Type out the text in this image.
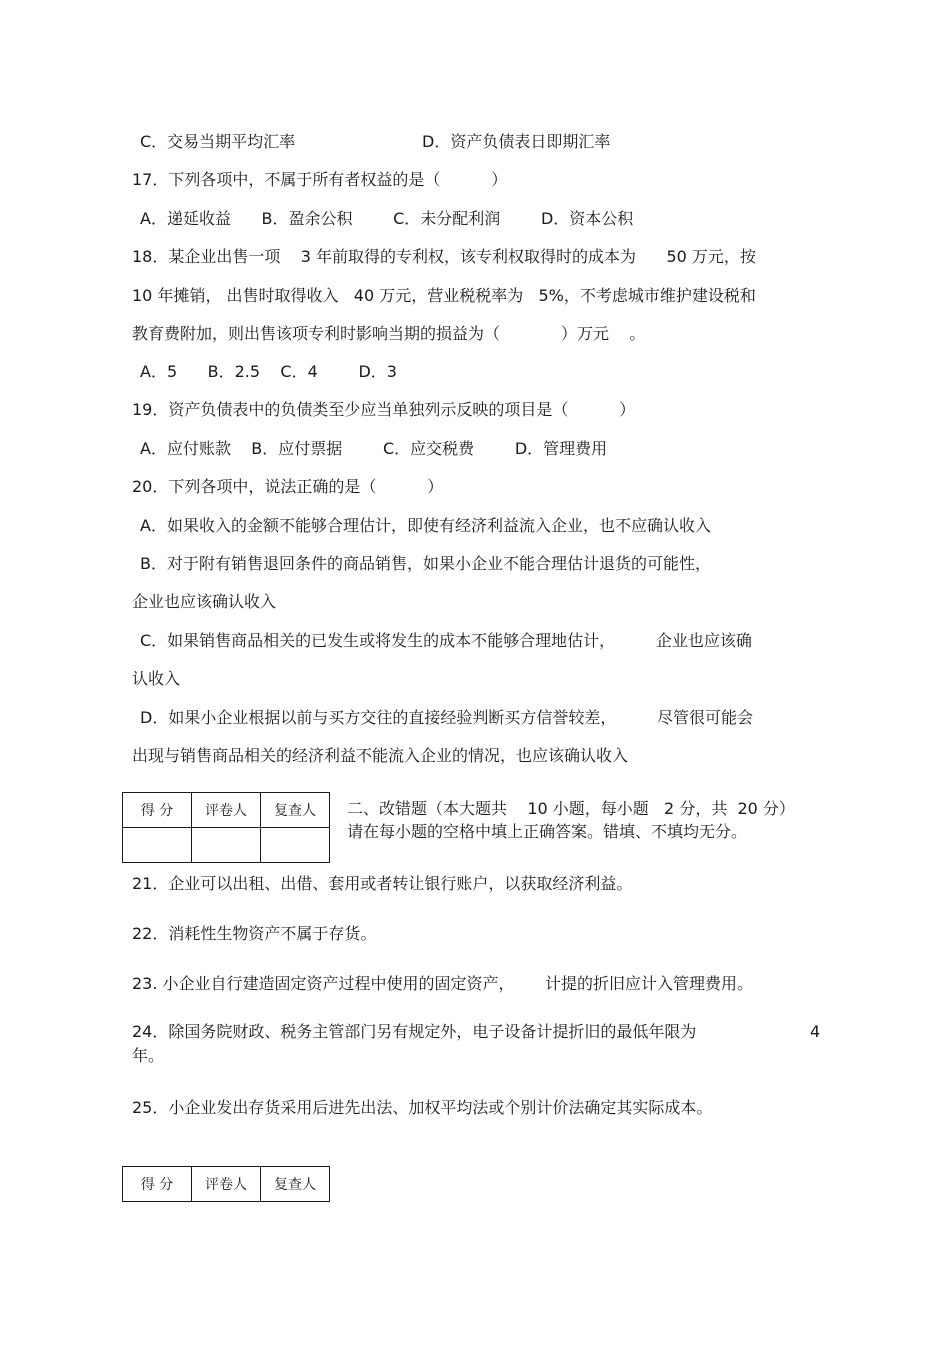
C．交易当期平均汇率	D．资产负债表日即期汇率
17．下列各项中，不属于所有者权益的是（          ）
A．递延收益      B．盈余公积        C．未分配利润        D．资本公积
18．某企业出售一项    3 年前取得的专利权，该专利权取得时的成本为      50 万元，按
10 年摊销， 出售时取得收入   40 万元，营业税税率为   5%，不考虑城市维护建设税和
教育费附加，则出售该项专利时影响当期的损益为（            ）万元    。
A．5      B．2.5    C．4        D．3
19．资产负债表中的负债类至少应当单独列示反映的项目是（          ）
A．应付账款    B．应付票据        C．应交税费        D．管理费用
20．下列各项中，说法正确的是（          ）
A．如果收入的金额不能够合理估计，即使有经济利益流入企业，也不应确认收入
B．对于附有销售退回条件的商品销售，如果小企业不能合理估计退货的可能性，
企业也应该确认收入
C．如果销售商品相关的已发生或将发生的成本不能够合理地估计，        企业也应该确
认收入
D．如果小企业根据以前与买方交往的直接经验判断买方信誉较差，        尽管很可能会
出现与销售商品相关的经济利益不能流入企业的情况，也应该确认收入
得 分	评卷人	复查人
		二、改错题（本大题共    10 小题，每小题   2 分，共  20 分）
请在每小题的空格中填上正确答案。错填、不填均无分。
21．企业可以出租、出借、套用或者转让银行账户，以获取经济利益。
22．消耗性生物资产不属于存货。
23. 小企业自行建造固定资产过程中使用的固定资产，      计提的折旧应计入管理费用。
24．除国务院财政、税务主管部门另有规定外，电子设备计提折旧的最低年限为	4
年。
25．小企业发出存货采用后进先出法、加权平均法或个别计价法确定其实际成本。
得 分	评卷人	复查人
